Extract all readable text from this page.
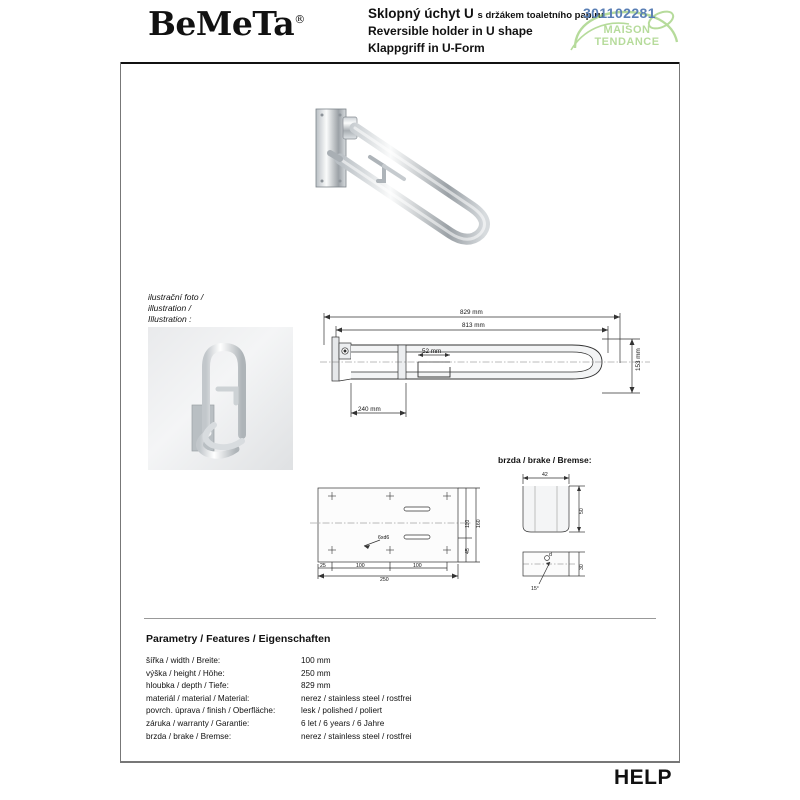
BeMeTa®	Sklopný úchyt U s držákem toaletního papíru
Reversible holder in U shape
Klappgriff in U-Form
MAISON
TENDANCE
301102281
ilustrační foto /
illustration /
Illustration :
829 mm
813 mm
52 mm	153 mm
240 mm
110 160
45
25	100	100
250
6xd6
brzda / brake / Bremse:
42
50
30
d
15°
Parametry / Features / Eigenschaften
šířka / width / Breite:	100 mm
výška / height / Höhe:	250 mm
hloubka / depth / Tiefe:	829 mm
materiál / material / Material:	nerez / stainless steel / rostfrei
povrch. úprava / finish / Oberfläche:	lesk / polished / poliert
záruka / warranty / Garantie:	6 let / 6 years / 6 Jahre
brzda / brake / Bremse:	nerez / stainless steel / rostfrei
HELP
